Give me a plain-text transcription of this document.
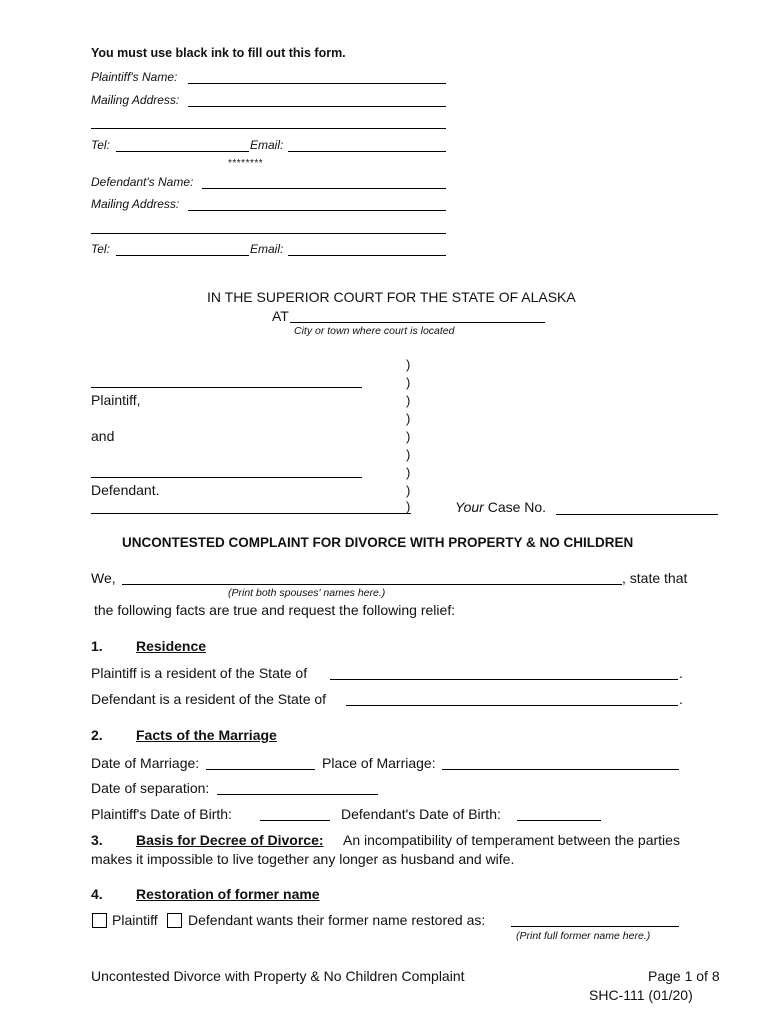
You must use black ink to fill out this form.
Plaintiff's Name:
Mailing Address:
Tel:	Email:
********
Defendant's Name:
Mailing Address:
Tel:	Email:
IN THE SUPERIOR COURT FOR THE STATE OF ALASKA
AT
City or town where court is located
Plaintiff,
and
Defendant.
)
)
)
)
)
)
)
)
)	Your Case No.
UNCONTESTED COMPLAINT FOR DIVORCE WITH PROPERTY & NO CHILDREN
We,	, state that
(Print both spouses' names here.)
the following facts are true and request the following relief:
1. Residence
Plaintiff is a resident of the State of	.
Defendant is a resident of the State of	.
2. Facts of the Marriage
Date of Marriage:	Place of Marriage:
Date of separation:
Plaintiff's Date of Birth:	Defendant's Date of Birth:
3. Basis for Decree of Divorce: An incompatibility of temperament between the parties
makes it impossible to live together any longer as husband and wife.
4. Restoration of former name
Plaintiff Defendant wants their former name restored as:
(Print full former name here.)
Uncontested Divorce with Property & No Children Complaint	Page 1 of 8
SHC-111 (01/20)
